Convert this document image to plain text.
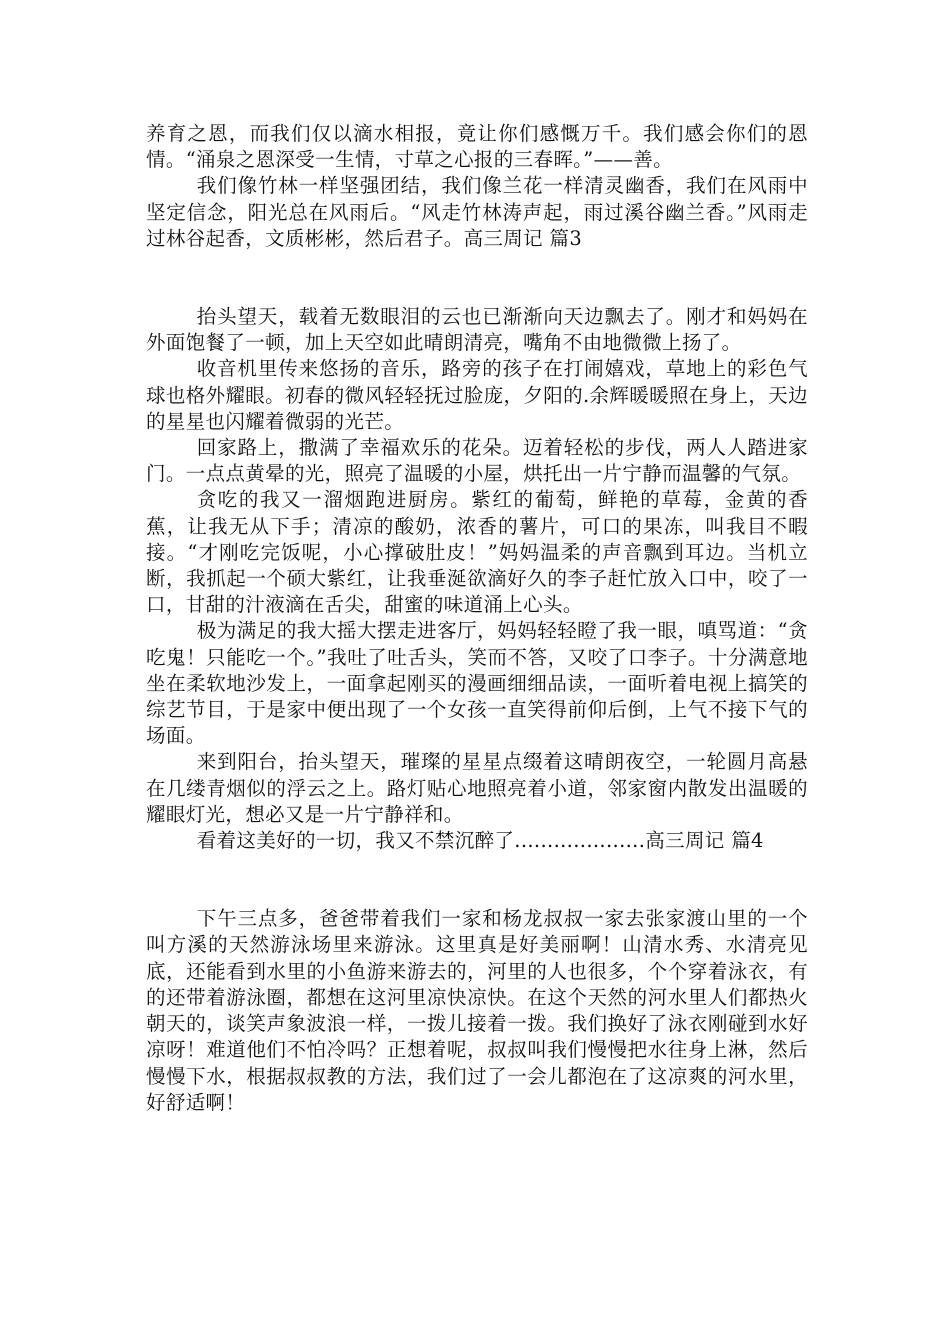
养育之恩，而我们仅以滴水相报，竟让你们感慨万千。我们感会你们的恩情。“涌泉之恩深受一生情，寸草之心报的三春晖。”——善。

我们像竹林一样坚强团结，我们像兰花一样清灵幽香，我们在风雨中坚定信念，阳光总在风雨后。“风走竹林涛声起，雨过溪谷幽兰香。”风雨走过林谷起香，文质彬彬，然后君子。高三周记 篇3

抬头望天，载着无数眼泪的云也已渐渐向天边飘去了。刚才和妈妈在外面饱餐了一顿，加上天空如此晴朗清亮，嘴角不由地微微上扬了。

收音机里传来悠扬的音乐，路旁的孩子在打闹嬉戏，草地上的彩色气球也格外耀眼。初春的微风轻轻抚过脸庞，夕阳的.余辉暖暖照在身上，天边的星星也闪耀着微弱的光芒。

回家路上，撒满了幸福欢乐的花朵。迈着轻松的步伐，两人人踏进家门。一点点黄晕的光，照亮了温暖的小屋，烘托出一片宁静而温馨的气氛。

贪吃的我又一溜烟跑进厨房。紫红的葡萄，鲜艳的草莓，金黄的香蕉，让我无从下手；清凉的酸奶，浓香的薯片，可口的果冻，叫我目不暇接。“才刚吃完饭呢，小心撑破肚皮！”妈妈温柔的声音飘到耳边。当机立断，我抓起一个硕大紫红，让我垂涎欲滴好久的李子赶忙放入口中，咬了一口，甘甜的汁液滴在舌尖，甜蜜的味道涌上心头。

极为满足的我大摇大摆走进客厅，妈妈轻轻瞪了我一眼，嗔骂道：“贪吃鬼！只能吃一个。”我吐了吐舌头，笑而不答，又咬了口李子。十分满意地坐在柔软地沙发上，一面拿起刚买的漫画细细品读，一面听着电视上搞笑的综艺节目，于是家中便出现了一个女孩一直笑得前仰后倒，上气不接下气的场面。

来到阳台，抬头望天，璀璨的星星点缀着这晴朗夜空，一轮圆月高悬在几缕青烟似的浮云之上。路灯贴心地照亮着小道，邻家窗内散发出温暖的耀眼灯光，想必又是一片宁静祥和。

看着这美好的一切，我又不禁沉醉了....................高三周记 篇4

下午三点多，爸爸带着我们一家和杨龙叔叔一家去张家渡山里的一个叫方溪的天然游泳场里来游泳。这里真是好美丽啊！山清水秀、水清亮见底，还能看到水里的小鱼游来游去的，河里的人也很多，个个穿着泳衣，有的还带着游泳圈，都想在这河里凉快凉快。在这个天然的河水里人们都热火朝天的，谈笑声象波浪一样，一拨儿接着一拨。我们换好了泳衣刚碰到水好凉呀！难道他们不怕冷吗？正想着呢，叔叔叫我们慢慢把水往身上淋，然后慢慢下水，根据叔叔教的方法，我们过了一会儿都泡在了这凉爽的河水里，好舒适啊！
